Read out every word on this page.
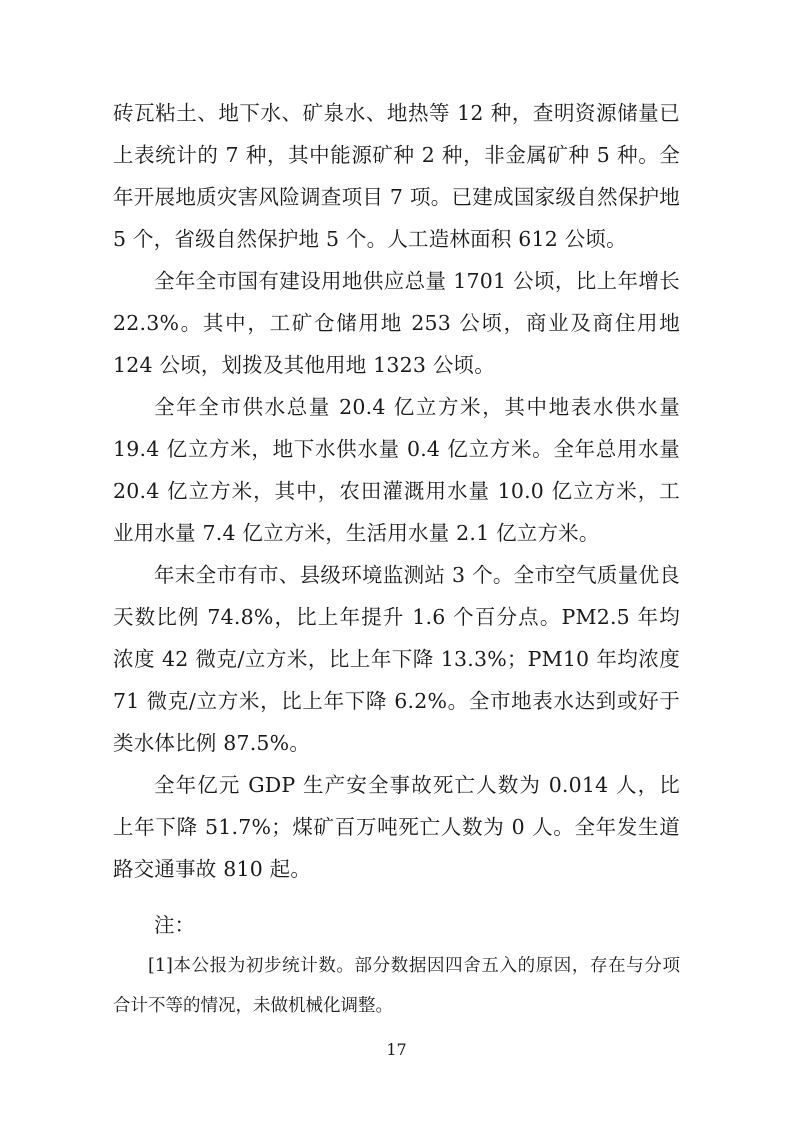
砖瓦粘土、地下水、矿泉水、地热等 12 种，查明资源储量已上表统计的 7 种，其中能源矿种 2 种，非金属矿种 5 种。全年开展地质灾害风险调查项目 7 项。已建成国家级自然保护地 5 个，省级自然保护地 5 个。人工造林面积 612 公顷。

全年全市国有建设用地供应总量 1701 公顷，比上年增长 22.3%。其中，工矿仓储用地 253 公顷，商业及商住用地 124 公顷，划拨及其他用地 1323 公顷。

全年全市供水总量 20.4 亿立方米，其中地表水供水量 19.4 亿立方米，地下水供水量 0.4 亿立方米。全年总用水量 20.4 亿立方米，其中，农田灌溉用水量 10.0 亿立方米，工业用水量 7.4 亿立方米，生活用水量 2.1 亿立方米。

年末全市有市、县级环境监测站 3 个。全市空气质量优良天数比例 74.8%，比上年提升 1.6 个百分点。PM2.5 年均浓度 42 微克/立方米，比上年下降 13.3%；PM10 年均浓度 71 微克/立方米，比上年下降 6.2%。全市地表水达到或好于类水体比例 87.5%。

全年亿元 GDP 生产安全事故死亡人数为 0.014 人，比上年下降 51.7%；煤矿百万吨死亡人数为 0 人。全年发生道路交通事故 810 起。

注：

[1]本公报为初步统计数。部分数据因四舍五入的原因，存在与分项合计不等的情况，未做机械化调整。

17
